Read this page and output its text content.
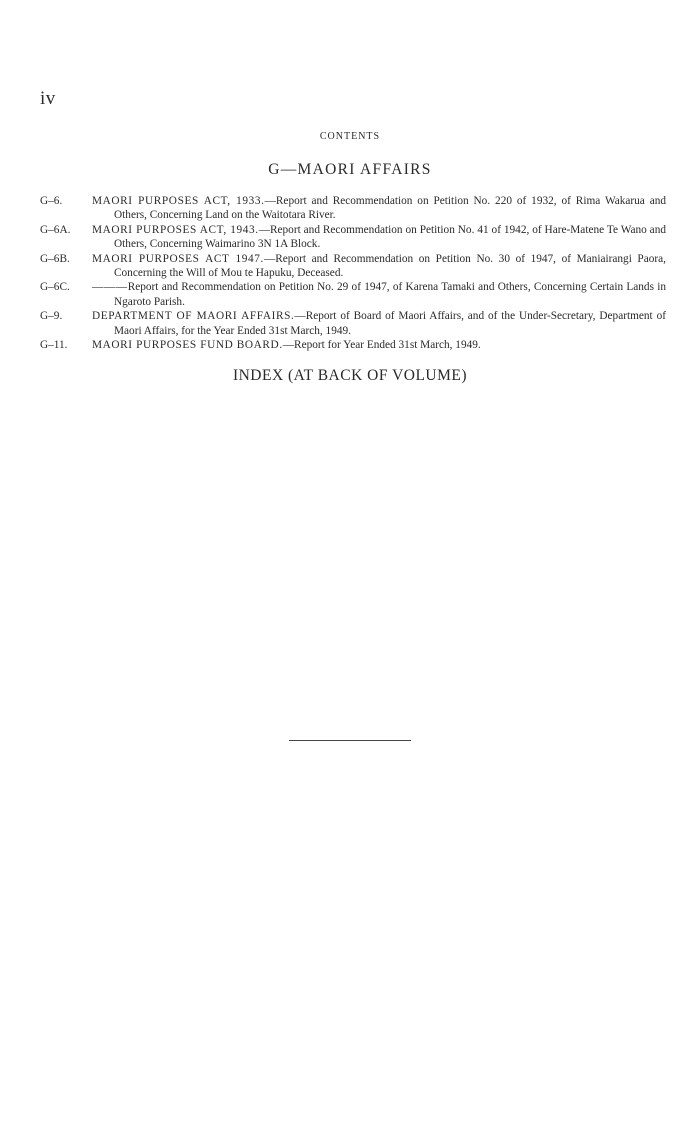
iv
CONTENTS
G—MAORI AFFAIRS
G–6.	MAORI PURPOSES ACT, 1933.—Report and Recommendation on Petition No. 220 of 1932, of Rima Wakarua and Others, Concerning Land on the Waitotara River.
G–6A.	MAORI PURPOSES ACT, 1943.—Report and Recommendation on Petition No. 41 of 1942, of Hare-Matene Te Wano and Others, Concerning Waimarino 3N 1A Block.
G–6B.	MAORI PURPOSES ACT 1947.—Report and Recommendation on Petition No. 30 of 1947, of Maniairangi Paora, Concerning the Will of Mou te Hapuku, Deceased.
G–6C.	———Report and Recommendation on Petition No. 29 of 1947, of Karena Tamaki and Others, Concerning Certain Lands in Ngaroto Parish.
G–9.	DEPARTMENT OF MAORI AFFAIRS.—Report of Board of Maori Affairs, and of the Under-Secretary, Department of Maori Affairs, for the Year Ended 31st March, 1949.
G–11.	MAORI PURPOSES FUND BOARD.—Report for Year Ended 31st March, 1949.
INDEX (AT BACK OF VOLUME)
